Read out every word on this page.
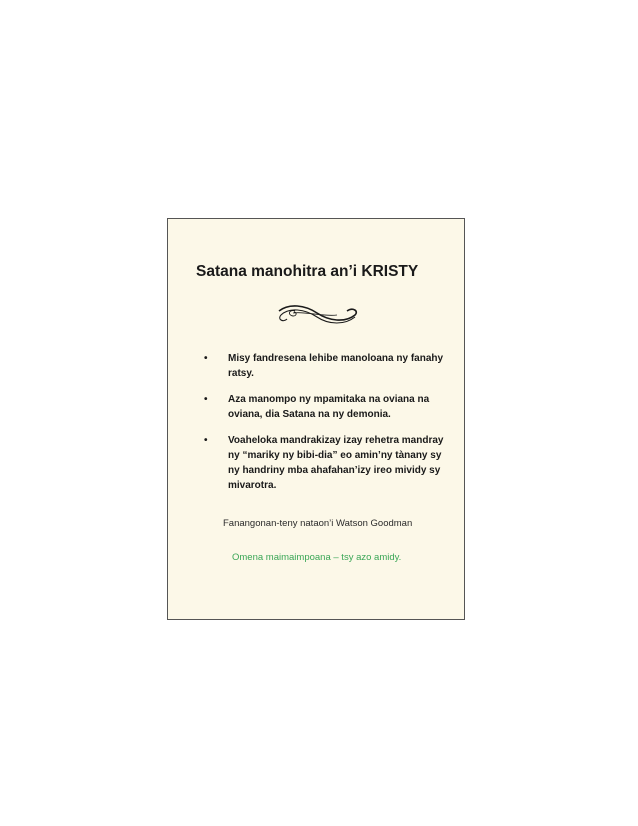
Satana manohitra an’i KRISTY
• Misy fandresena lehibe manoloana ny fanahy ratsy.
• Aza manompo ny mpamitaka na oviana na oviana, dia Satana na ny demonia.
• Voaheloka mandrakizay izay rehetra mandray ny “mariky ny bibi-dia” eo amin’ny tànany sy ny handriny mba ahafahan’izy ireo mividy sy mivarotra.
Fanangonan-teny nataon’i Watson Goodman
Omena maimaimpoana – tsy azo amidy.
